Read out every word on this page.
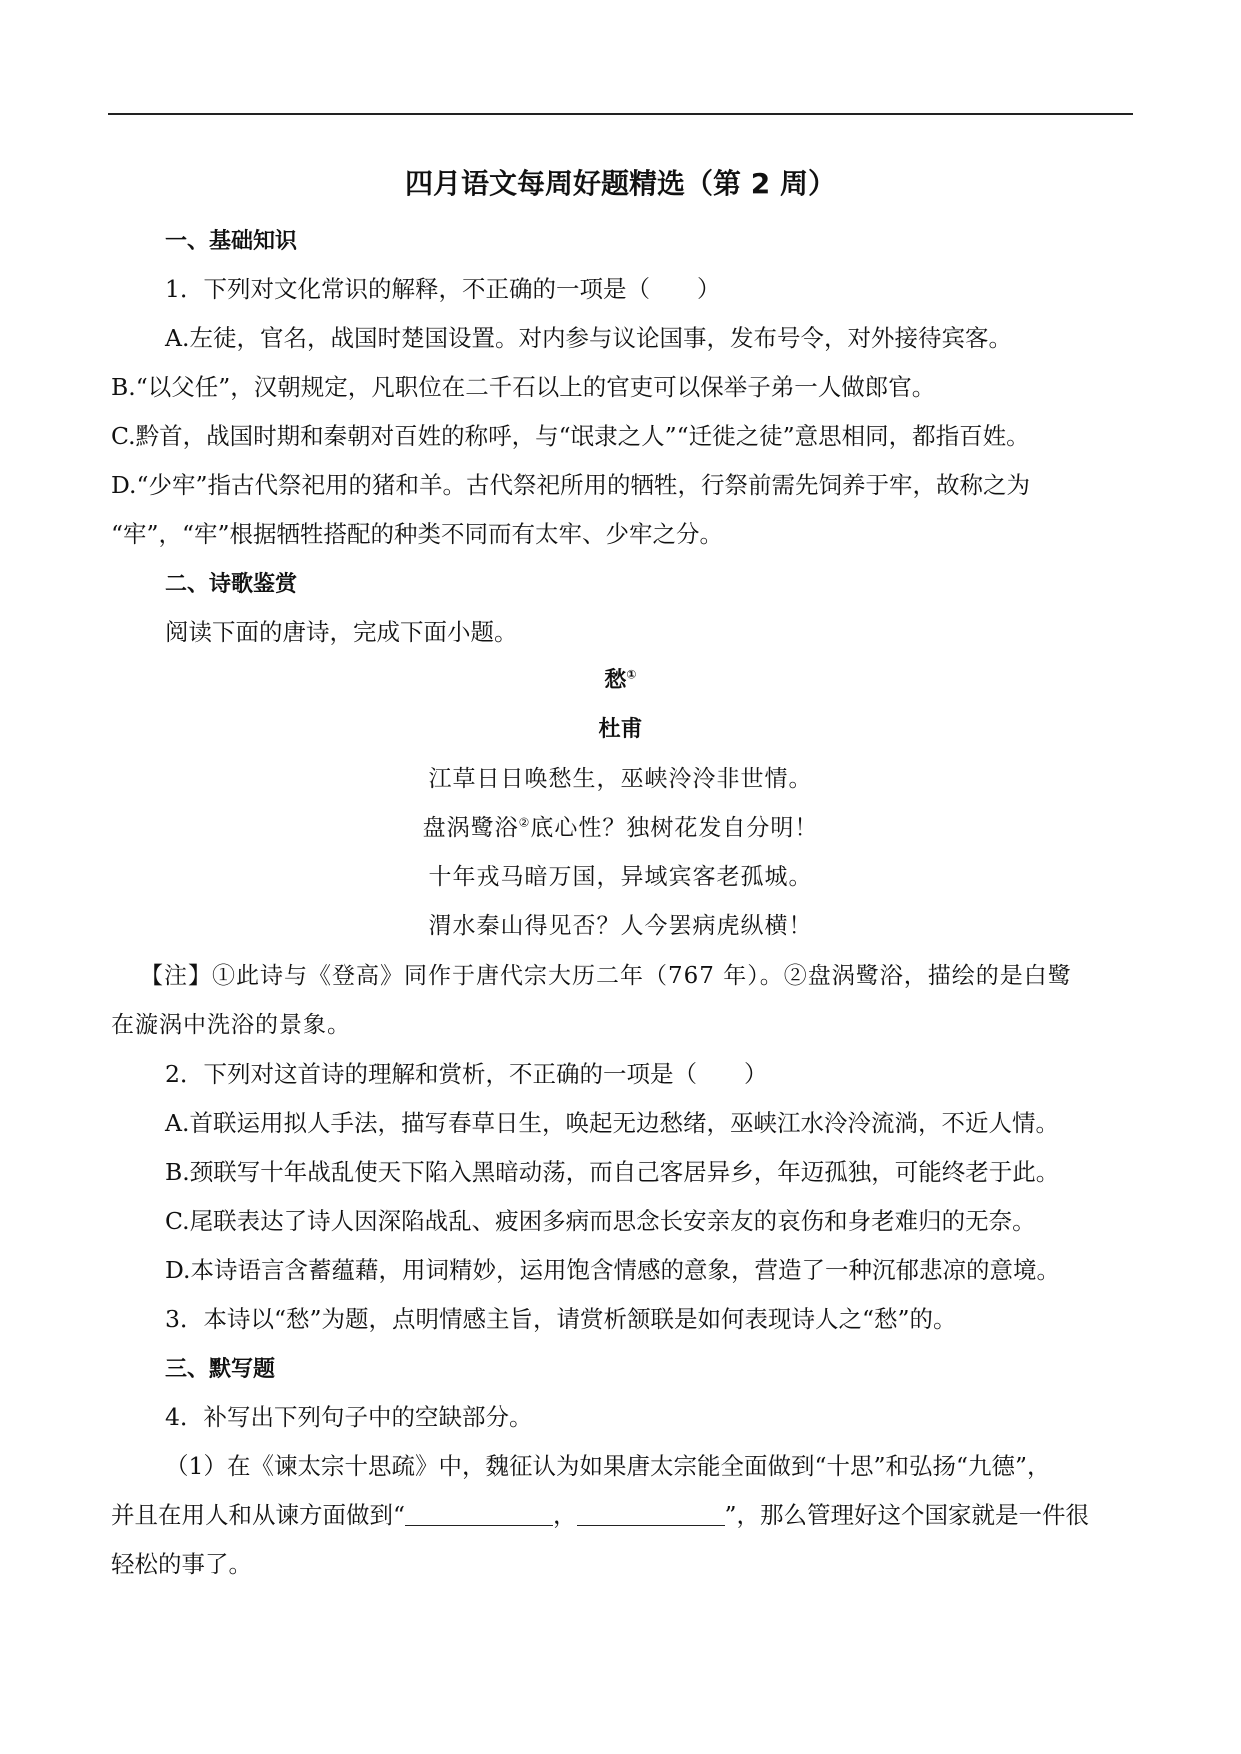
四月语文每周好题精选（第 2 周）
一、基础知识
1．下列对文化常识的解释，不正确的一项是（　　）
A.左徒，官名，战国时楚国设置。对内参与议论国事，发布号令，对外接待宾客。
B.“以父任”，汉朝规定，凡职位在二千石以上的官吏可以保举子弟一人做郎官。
C.黔首，战国时期和秦朝对百姓的称呼，与“氓隶之人”“迁徙之徒”意思相同，都指百姓。
D.“少牢”指古代祭祀用的猪和羊。古代祭祀所用的牺牲，行祭前需先饲养于牢，故称之为
“牢”，“牢”根据牺牲搭配的种类不同而有太牢、少牢之分。
二、诗歌鉴赏
阅读下面的唐诗，完成下面小题。
愁①
杜甫
江草日日唤愁生，巫峡泠泠非世情。
盘涡鹭浴②底心性？独树花发自分明！
十年戎马暗万国，异域宾客老孤城。
渭水秦山得见否？人今罢病虎纵横！
【注】①此诗与《登高》同作于唐代宗大历二年（767 年）。②盘涡鹭浴，描绘的是白鹭
在漩涡中洗浴的景象。
2．下列对这首诗的理解和赏析，不正确的一项是（　　）
A.首联运用拟人手法，描写春草日生，唤起无边愁绪，巫峡江水泠泠流淌，不近人情。
B.颈联写十年战乱使天下陷入黑暗动荡，而自己客居异乡，年迈孤独，可能终老于此。
C.尾联表达了诗人因深陷战乱、疲困多病而思念长安亲友的哀伤和身老难归的无奈。
D.本诗语言含蓄蕴藉，用词精妙，运用饱含情感的意象，营造了一种沉郁悲凉的意境。
3．本诗以“愁”为题，点明情感主旨，请赏析颔联是如何表现诗人之“愁”的。
三、默写题
4．补写出下列句子中的空缺部分。
（1）在《谏太宗十思疏》中，魏征认为如果唐太宗能全面做到“十思”和弘扬“九德”，
并且在用人和从谏方面做到“	，	”，那么管理好这个国家就是一件很
轻松的事了。
